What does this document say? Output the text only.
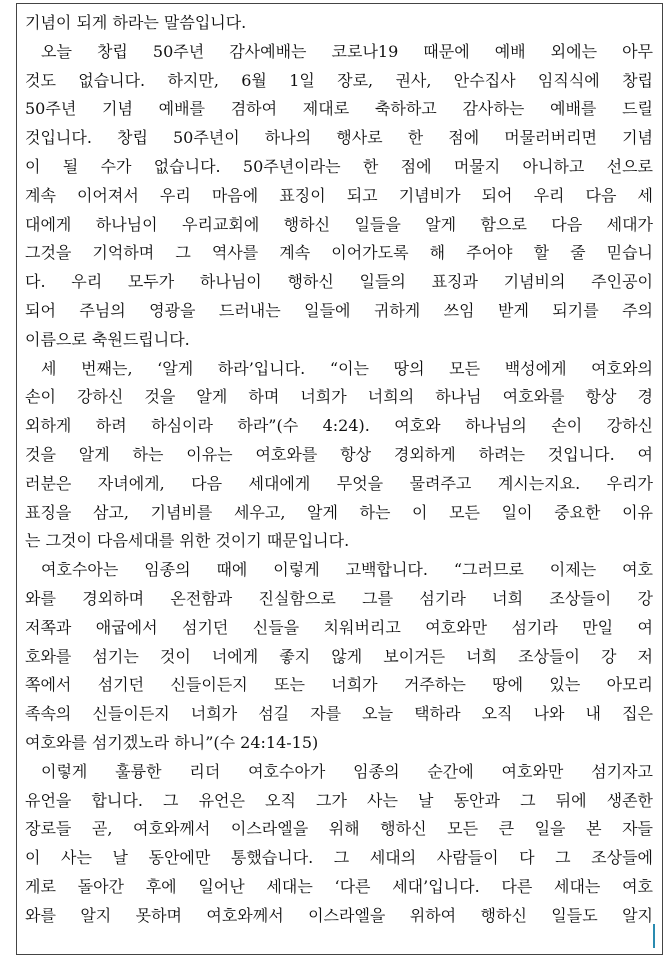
기념이 되게 하라는 말씀입니다.
오늘 창립 50주년 감사예배는 코로나19 때문에 예배 외에는 아무
것도 없습니다. 하지만, 6월 1일 장로, 권사, 안수집사 임직식에 창립
50주년 기념 예배를 겸하여 제대로 축하하고 감사하는 예배를 드릴
것입니다. 창립 50주년이 하나의 행사로 한 점에 머물러버리면 기념
이 될 수가 없습니다. 50주년이라는 한 점에 머물지 아니하고 선으로
계속 이어져서 우리 마음에 표징이 되고 기념비가 되어 우리 다음 세
대에게 하나님이 우리교회에 행하신 일들을 알게 함으로 다음 세대가
그것을 기억하며 그 역사를 계속 이어가도록 해 주어야 할 줄 믿습니
다. 우리 모두가 하나님이 행하신 일들의 표징과 기념비의 주인공이
되어 주님의 영광을 드러내는 일들에 귀하게 쓰임 받게 되기를 주의
이름으로 축원드립니다.
세 번째는, ‘알게 하라’입니다. “이는 땅의 모든 백성에게 여호와의
손이 강하신 것을 알게 하며 너희가 너희의 하나님 여호와를 항상 경
외하게 하려 하심이라 하라”(수 4:24). 여호와 하나님의 손이 강하신
것을 알게 하는 이유는 여호와를 항상 경외하게 하려는 것입니다. 여
러분은 자녀에게, 다음 세대에게 무엇을 물려주고 계시는지요. 우리가
표징을 삼고, 기념비를 세우고, 알게 하는 이 모든 일이 중요한 이유
는 그것이 다음세대를 위한 것이기 때문입니다.
여호수아는 임종의 때에 이렇게 고백합니다. “그러므로 이제는 여호
와를 경외하며 온전함과 진실함으로 그를 섬기라 너희 조상들이 강
저쪽과 애굽에서 섬기던 신들을 치워버리고 여호와만 섬기라 만일 여
호와를 섬기는 것이 너에게 좋지 않게 보이거든 너희 조상들이 강 저
쪽에서 섬기던 신들이든지 또는 너희가 거주하는 땅에 있는 아모리
족속의 신들이든지 너희가 섬길 자를 오늘 택하라 오직 나와 내 집은
여호와를 섬기겠노라 하니”(수 24:14-15)
이렇게 훌륭한 리더 여호수아가 임종의 순간에 여호와만 섬기자고
유언을 합니다. 그 유언은 오직 그가 사는 날 동안과 그 뒤에 생존한
장로들 곧, 여호와께서 이스라엘을 위해 행하신 모든 큰 일을 본 자들
이 사는 날 동안에만 통했습니다. 그 세대의 사람들이 다 그 조상들에
게로 돌아간 후에 일어난 세대는 ‘다른 세대’입니다. 다른 세대는 여호
와를 알지 못하며 여호와께서 이스라엘을 위하여 행하신 일들도 알지
